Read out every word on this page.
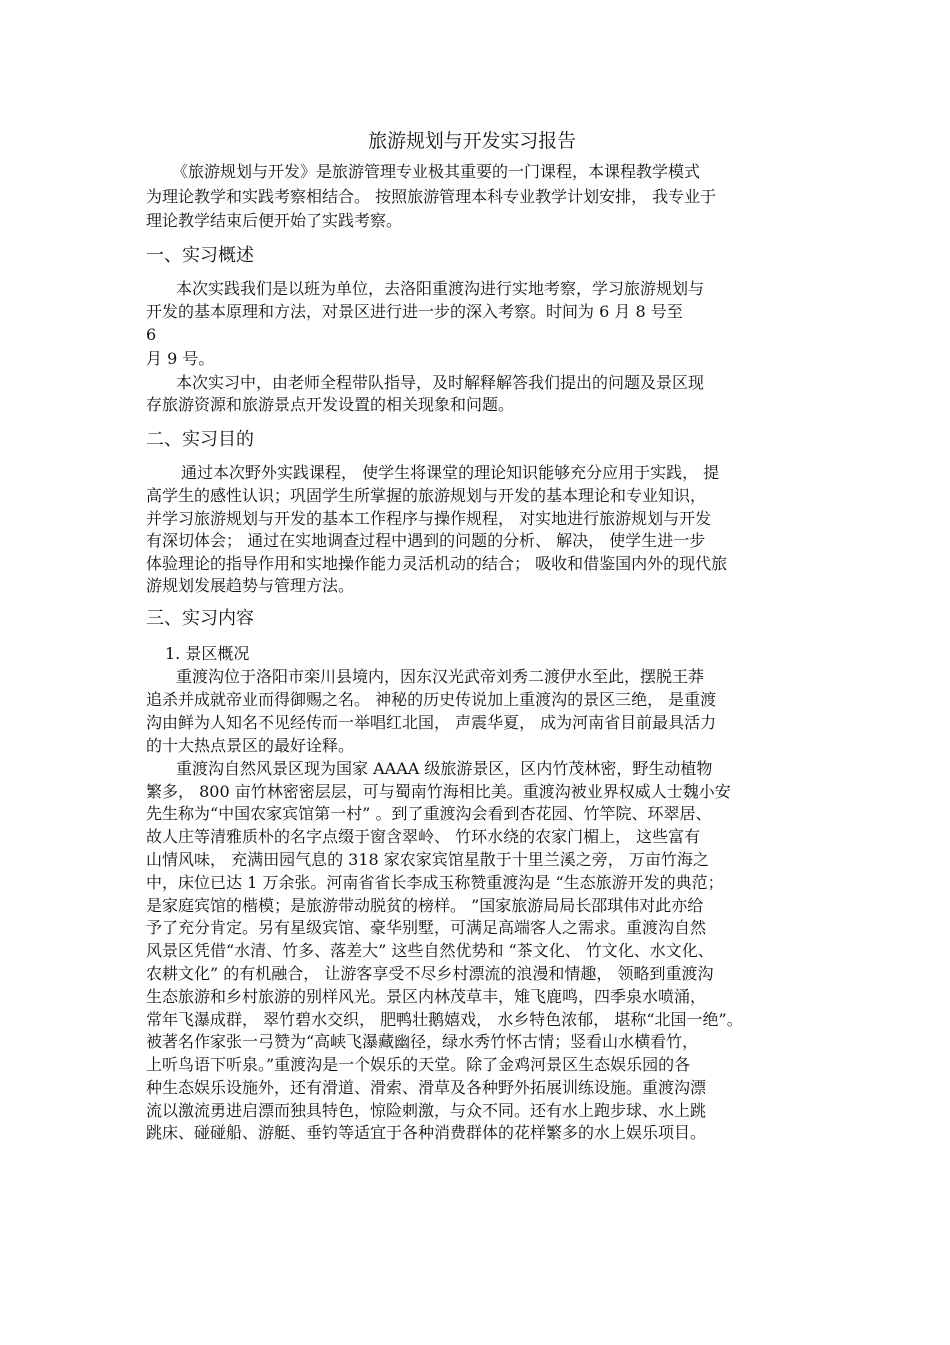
旅游规划与开发实习报告
《旅游规划与开发》是旅游管理专业极其重要的一门课程，本课程教学模式
为理论教学和实践考察相结合。 按照旅游管理本科专业教学计划安排， 我专业于
理论教学结束后便开始了实践考察。
一、实习概述
本次实践我们是以班为单位，去洛阳重渡沟进行实地考察，学习旅游规划与
开发的基本原理和方法，对景区进行进一步的深入考察。时间为 6 月 8 号至
6
月 9 号。
本次实习中，由老师全程带队指导，及时解释解答我们提出的问题及景区现
存旅游资源和旅游景点开发设置的相关现象和问题。
二、实习目的
通过本次野外实践课程， 使学生将课堂的理论知识能够充分应用于实践， 提
高学生的感性认识；巩固学生所掌握的旅游规划与开发的基本理论和专业知识，
并学习旅游规划与开发的基本工作程序与操作规程， 对实地进行旅游规划与开发
有深切体会； 通过在实地调查过程中遇到的问题的分析、 解决， 使学生进一步
体验理论的指导作用和实地操作能力灵活机动的结合； 吸收和借鉴国内外的现代旅
游规划发展趋势与管理方法。
三、实习内容
1. 景区概况
重渡沟位于洛阳市栾川县境内，因东汉光武帝刘秀二渡伊水至此，摆脱王莽
追杀并成就帝业而得御赐之名。 神秘的历史传说加上重渡沟的景区三绝， 是重渡
沟由鲜为人知名不见经传而一举唱红北国， 声震华夏， 成为河南省目前最具活力
的十大热点景区的最好诠释。
重渡沟自然风景区现为国家 AAAA 级旅游景区，区内竹茂林密，野生动植物
繁多， 800 亩竹林密密层层，可与蜀南竹海相比美。重渡沟被业界权威人士魏小安
先生称为“中国农家宾馆第一村” 。到了重渡沟会看到杏花园、竹竿院、环翠居、
故人庄等清雅质朴的名字点缀于窗含翠岭、 竹环水绕的农家门楣上， 这些富有
山情风味， 充满田园气息的 318 家农家宾馆星散于十里兰溪之旁， 万亩竹海之
中，床位已达 1 万余张。河南省省长李成玉称赞重渡沟是 “生态旅游开发的典范；
是家庭宾馆的楷模；是旅游带动脱贫的榜样。 ”国家旅游局局长邵琪伟对此亦给
予了充分肯定。另有星级宾馆、豪华别墅，可满足高端客人之需求。重渡沟自然
风景区凭借“水清、竹多、落差大” 这些自然优势和 “茶文化、 竹文化、水文化、
农耕文化” 的有机融合， 让游客享受不尽乡村漂流的浪漫和情趣， 领略到重渡沟
生态旅游和乡村旅游的别样风光。景区内林茂草丰，雉飞鹿鸣，四季泉水喷涌，
常年飞瀑成群， 翠竹碧水交织， 肥鸭壮鹅嬉戏， 水乡特色浓郁， 堪称“北国一绝”。
被著名作家张一弓赞为“高峡飞瀑藏幽径，绿水秀竹怀古情；竖看山水横看竹，
上听鸟语下听泉。”重渡沟是一个娱乐的天堂。除了金鸡河景区生态娱乐园的各
种生态娱乐设施外，还有滑道、滑索、滑草及各种野外拓展训练设施。重渡沟漂
流以激流勇进启漂而独具特色，惊险刺激，与众不同。还有水上跑步球、水上跳
跳床、碰碰船、游艇、垂钓等适宜于各种消费群体的花样繁多的水上娱乐项目。
